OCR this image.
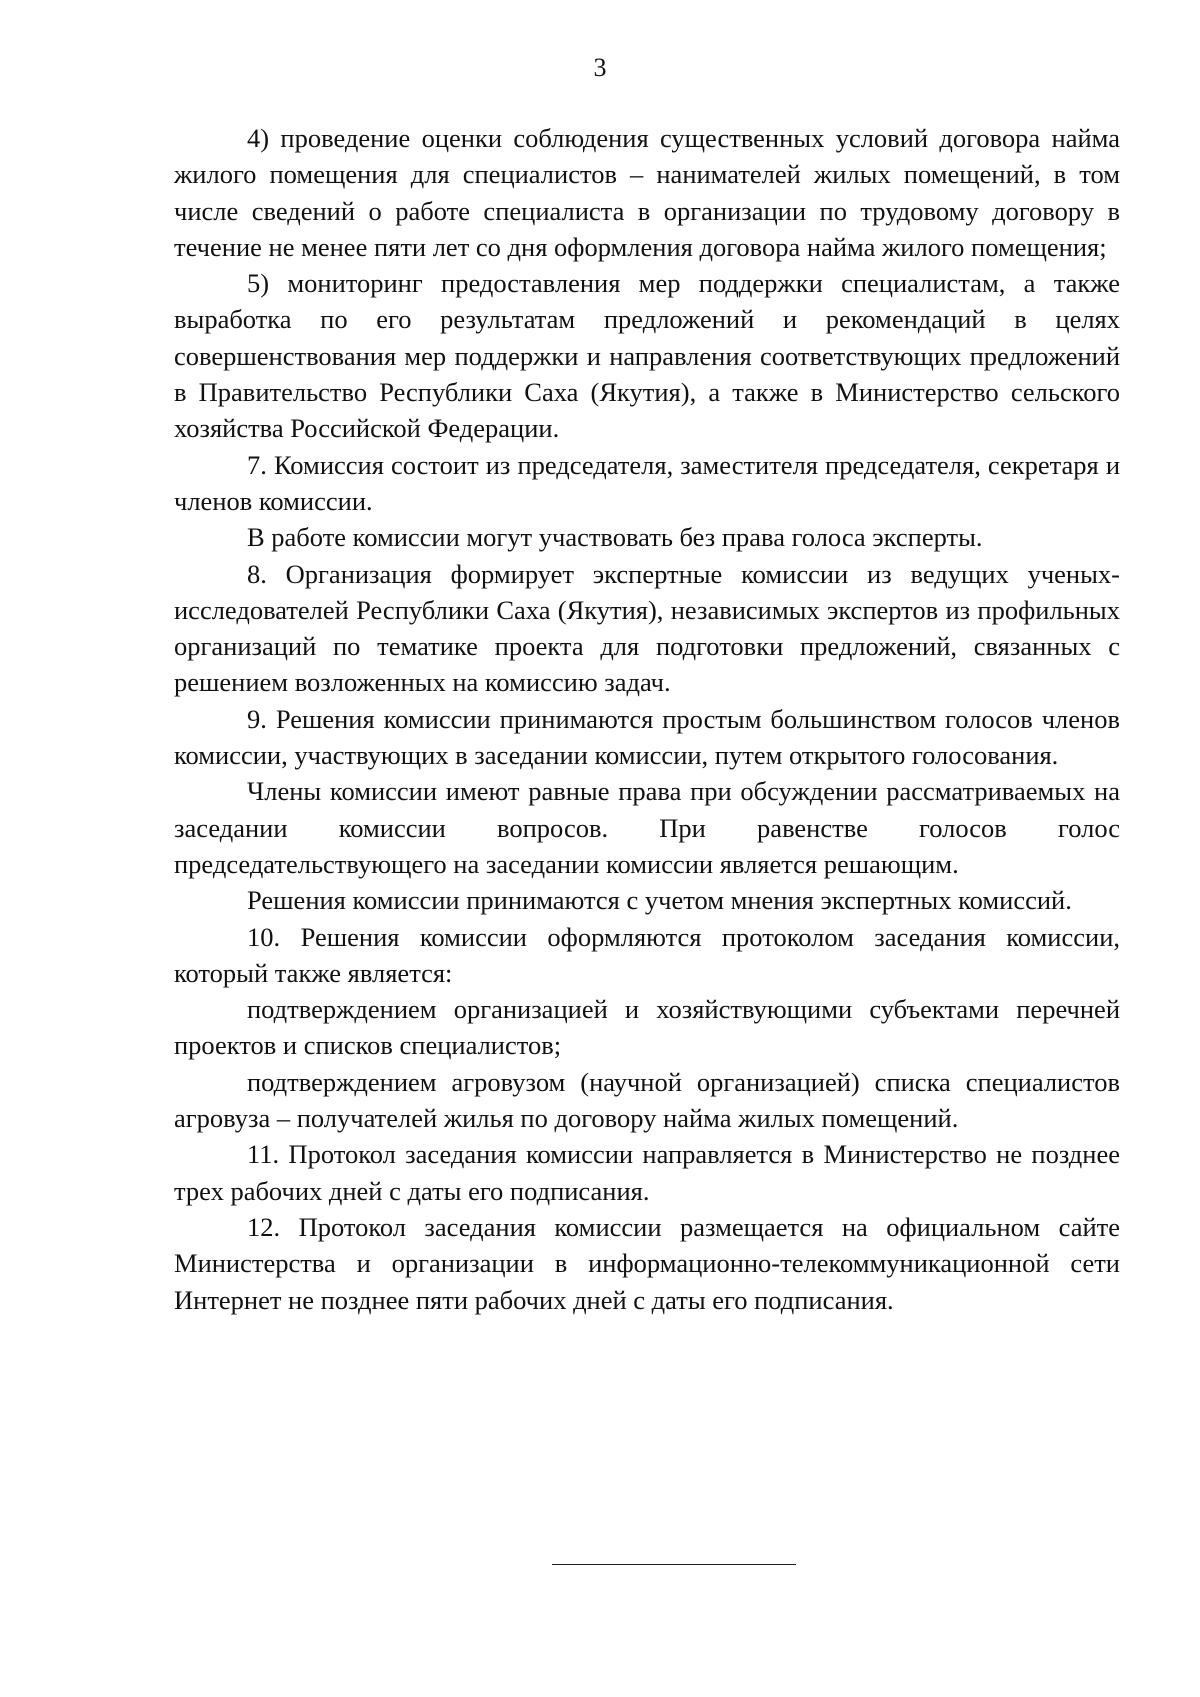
3

4) проведение оценки соблюдения существенных условий договора найма жилого помещения для специалистов – нанимателей жилых помещений, в том числе сведений о работе специалиста в организации по трудовому договору в течение не менее пяти лет со дня оформления договора найма жилого помещения;

5) мониторинг предоставления мер поддержки специалистам, а также выработка по его результатам предложений и рекомендаций в целях совершенствования мер поддержки и направления соответствующих предложений в Правительство Республики Саха (Якутия), а также в Министерство сельского хозяйства Российской Федерации.

7. Комиссия состоит из председателя, заместителя председателя, секретаря и членов комиссии.

В работе комиссии могут участвовать без права голоса эксперты.

8. Организация формирует экспертные комиссии из ведущих ученых-исследователей Республики Саха (Якутия), независимых экспертов из профильных организаций по тематике проекта для подготовки предложений, связанных с решением возложенных на комиссию задач.

9. Решения комиссии принимаются простым большинством голосов членов комиссии, участвующих в заседании комиссии, путем открытого голосования.

Члены комиссии имеют равные права при обсуждении рассматриваемых на заседании комиссии вопросов. При равенстве голосов голос председательствующего на заседании комиссии является решающим.

Решения комиссии принимаются с учетом мнения экспертных комиссий.

10. Решения комиссии оформляются протоколом заседания комиссии, который также является:

подтверждением организацией и хозяйствующими субъектами перечней проектов и списков специалистов;

подтверждением агровузом (научной организацией) списка специалистов агровуза – получателей жилья по договору найма жилых помещений.

11. Протокол заседания комиссии направляется в Министерство не позднее трех рабочих дней с даты его подписания.

12. Протокол заседания комиссии размещается на официальном сайте Министерства и организации в информационно-телекоммуникационной сети Интернет не позднее пяти рабочих дней с даты его подписания.
